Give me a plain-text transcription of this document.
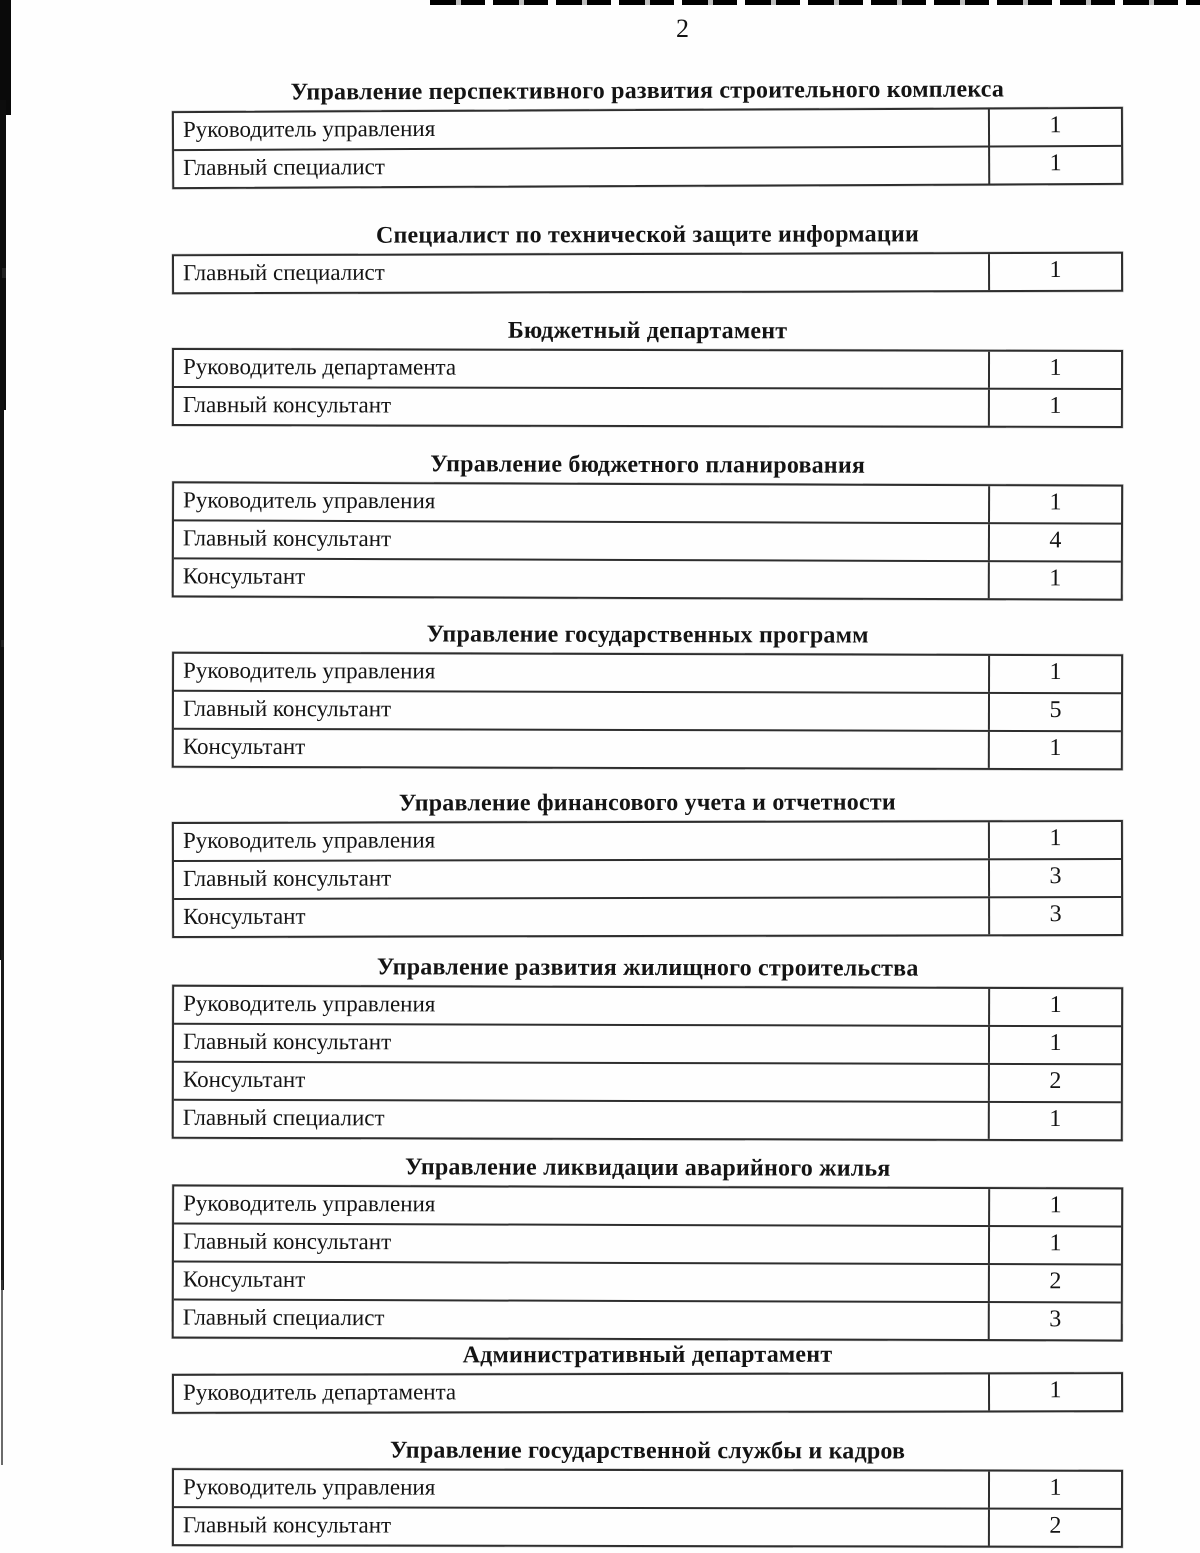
2
Управление перспективного развития строительного комплекса
Руководитель управления	1
Главный специалист	1
Специалист по технической защите информации
Главный специалист	1
Бюджетный департамент
Руководитель департамента	1
Главный консультант	1
Управление бюджетного планирования
Руководитель управления	1
Главный консультант	4
Консультант	1
Управление государственных программ
Руководитель управления	1
Главный консультант	5
Консультант	1
Управление финансового учета и отчетности
Руководитель управления	1
Главный консультант	3
Консультант	3
Управление развития жилищного строительства
Руководитель управления	1
Главный консультант	1
Консультант	2
Главный специалист	1
Управление ликвидации аварийного жилья
Руководитель управления	1
Главный консультант	1
Консультант	2
Главный специалист	3
Административный департамент
Руководитель департамента	1
Управление государственной службы и кадров
Руководитель управления	1
Главный консультант	2
